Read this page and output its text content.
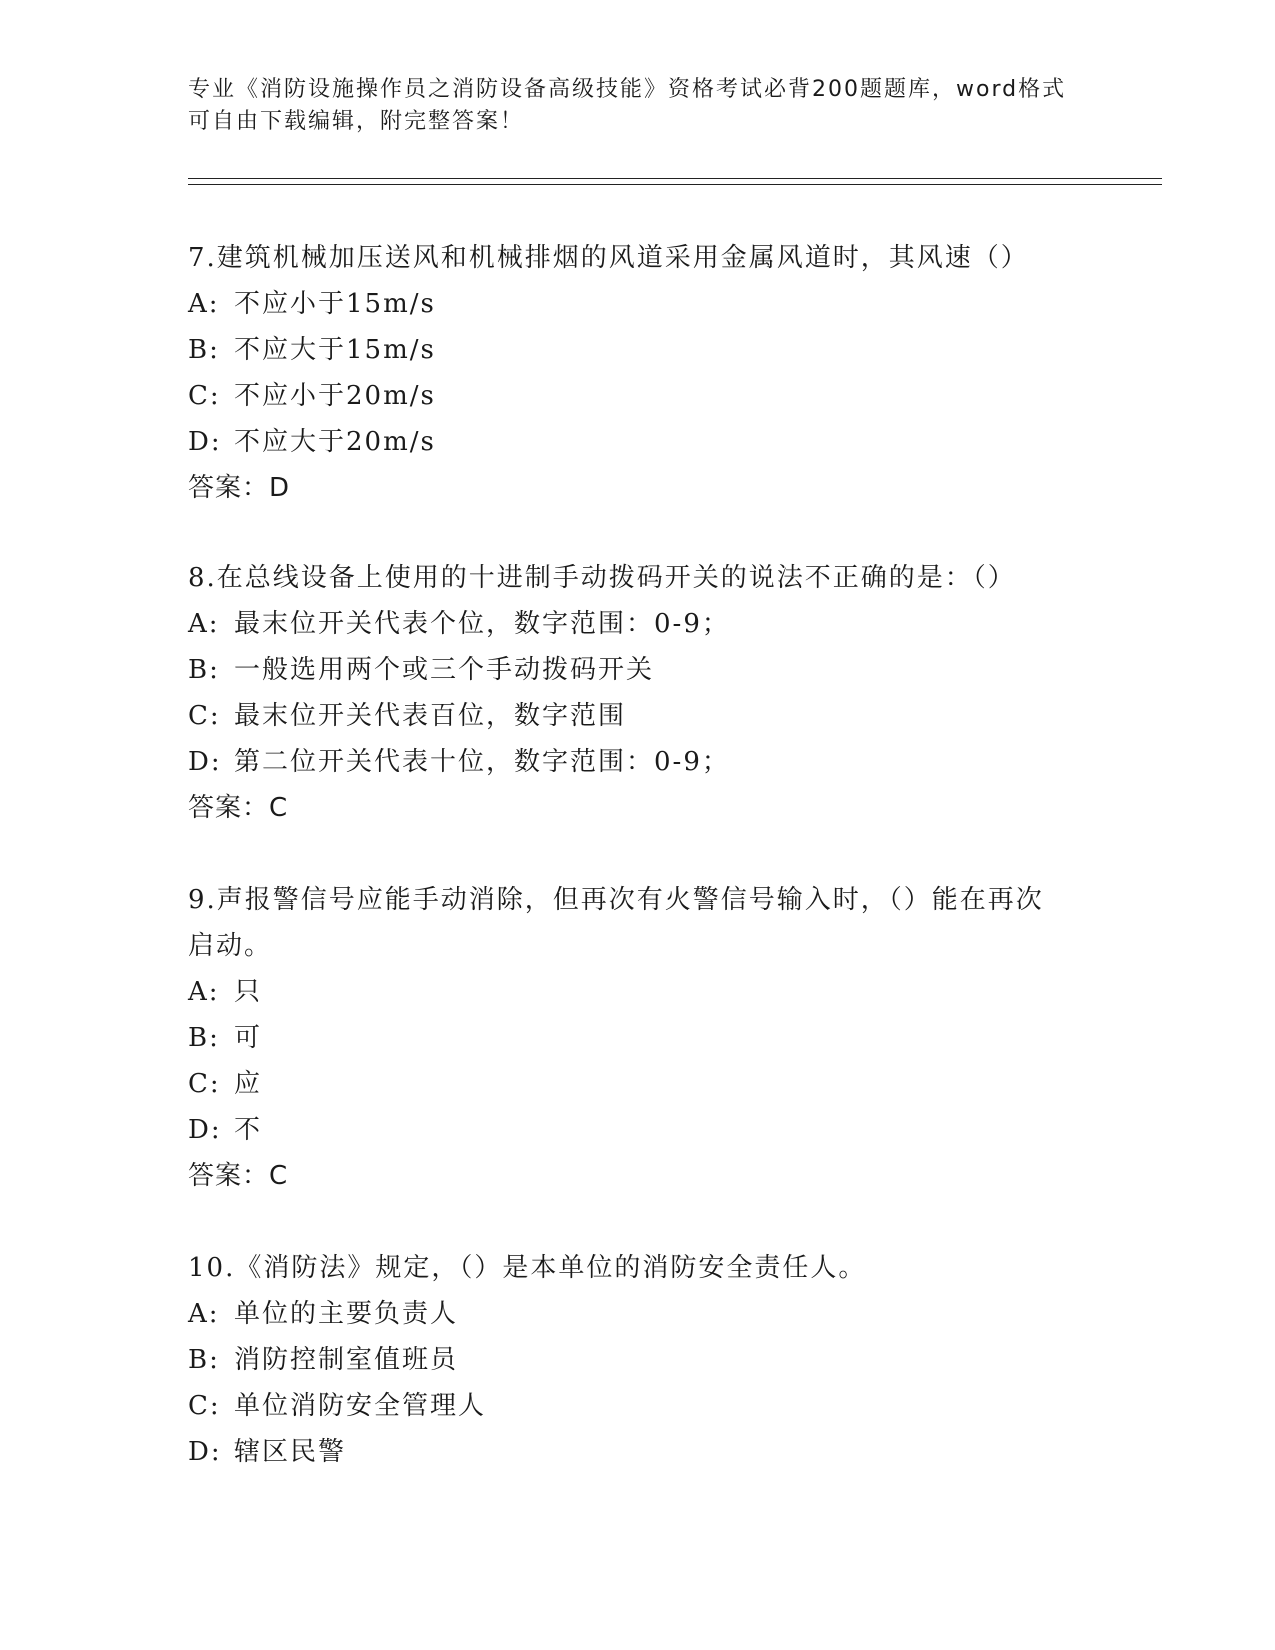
专业《消防设施操作员之消防设备高级技能》资格考试必背200题题库，word格式可自由下载编辑，附完整答案！

7.建筑机械加压送风和机械排烟的风道采用金属风道时，其风速（）

A: 不应小于15m/s

B: 不应大于15m/s

C: 不应小于20m/s

D: 不应大于20m/s

答案：D

8.在总线设备上使用的十进制手动拨码开关的说法不正确的是：（）

A: 最末位开关代表个位，数字范围：0-9；

B: 一般选用两个或三个手动拨码开关

C: 最末位开关代表百位，数字范围

D: 第二位开关代表十位，数字范围：0-9；

答案：C

9.声报警信号应能手动消除，但再次有火警信号输入时，（）能在再次启动。

A: 只

B: 可

C: 应

D: 不

答案：C

10.《消防法》规定，（）是本单位的消防安全责任人。

A: 单位的主要负责人

B: 消防控制室值班员

C: 单位消防安全管理人

D: 辖区民警
